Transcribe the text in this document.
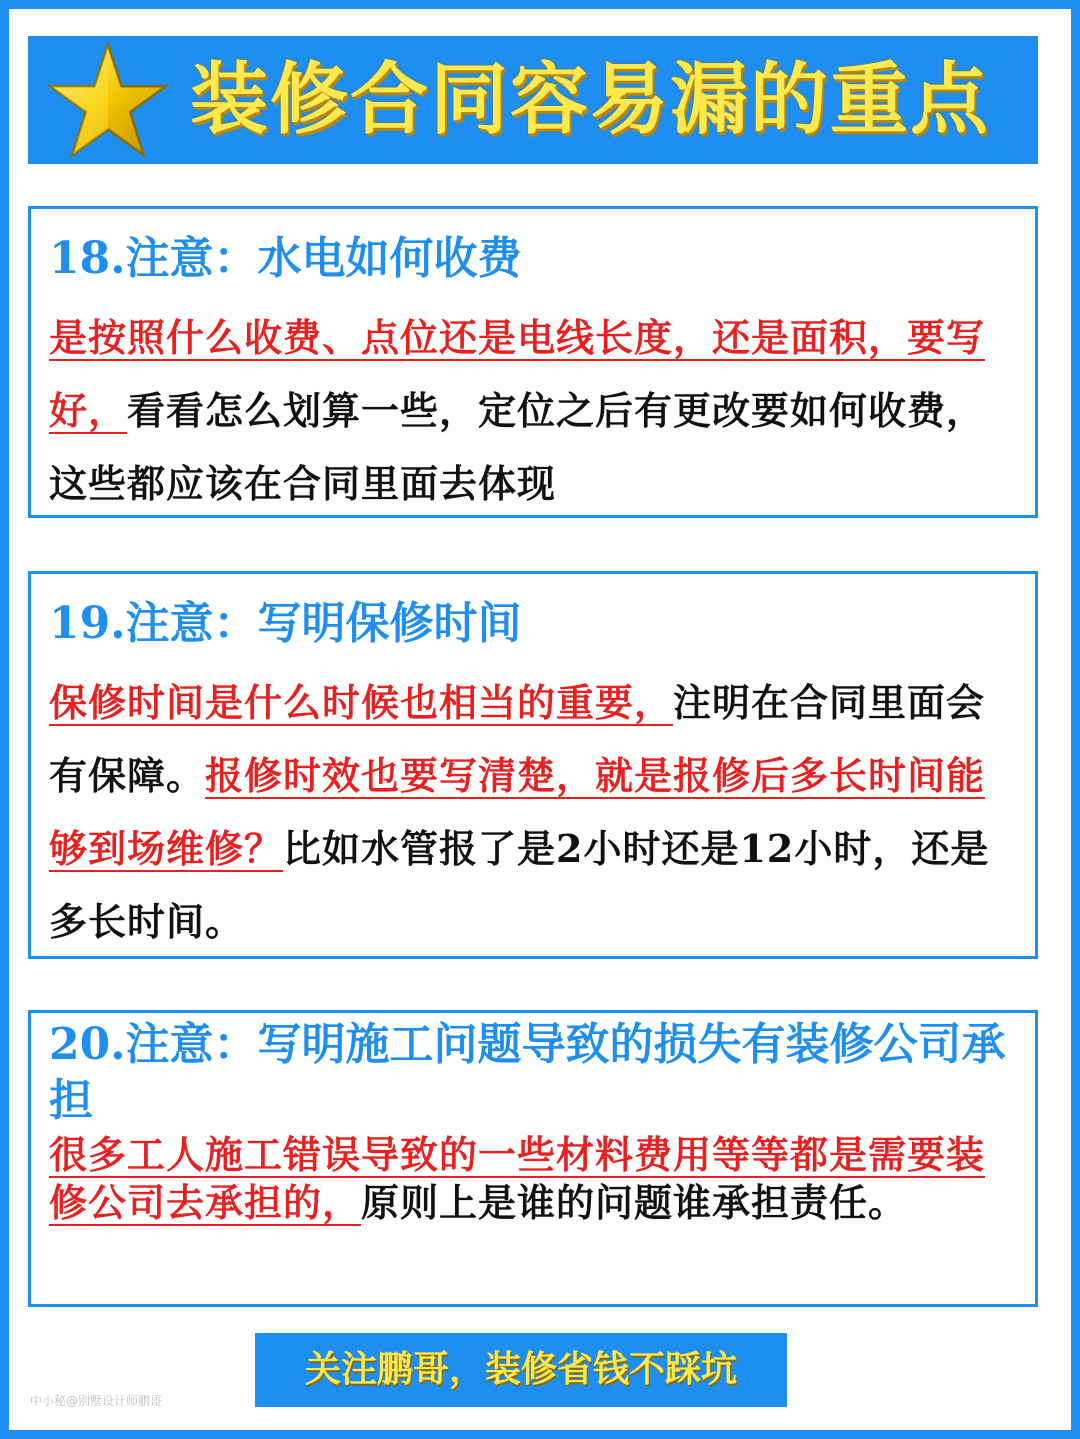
装修合同容易漏的重点
18.注意：水电如何收费
是按照什么收费、点位还是电线长度，还是面积，要写好，看看怎么划算一些，定位之后有更改要如何收费，这些都应该在合同里面去体现
19.注意：写明保修时间
保修时间是什么时候也相当的重要，注明在合同里面会有保障。报修时效也要写清楚，就是报修后多长时间能够到场维修？比如水管报了是2小时还是12小时，还是多长时间。
20.注意：写明施工问题导致的损失有装修公司承担
很多工人施工错误导致的一些材料费用等等都是需要装修公司去承担的，原则上是谁的问题谁承担责任。
关注鹏哥，装修省钱不踩坑
中小秘@别墅设计师鹏哥
